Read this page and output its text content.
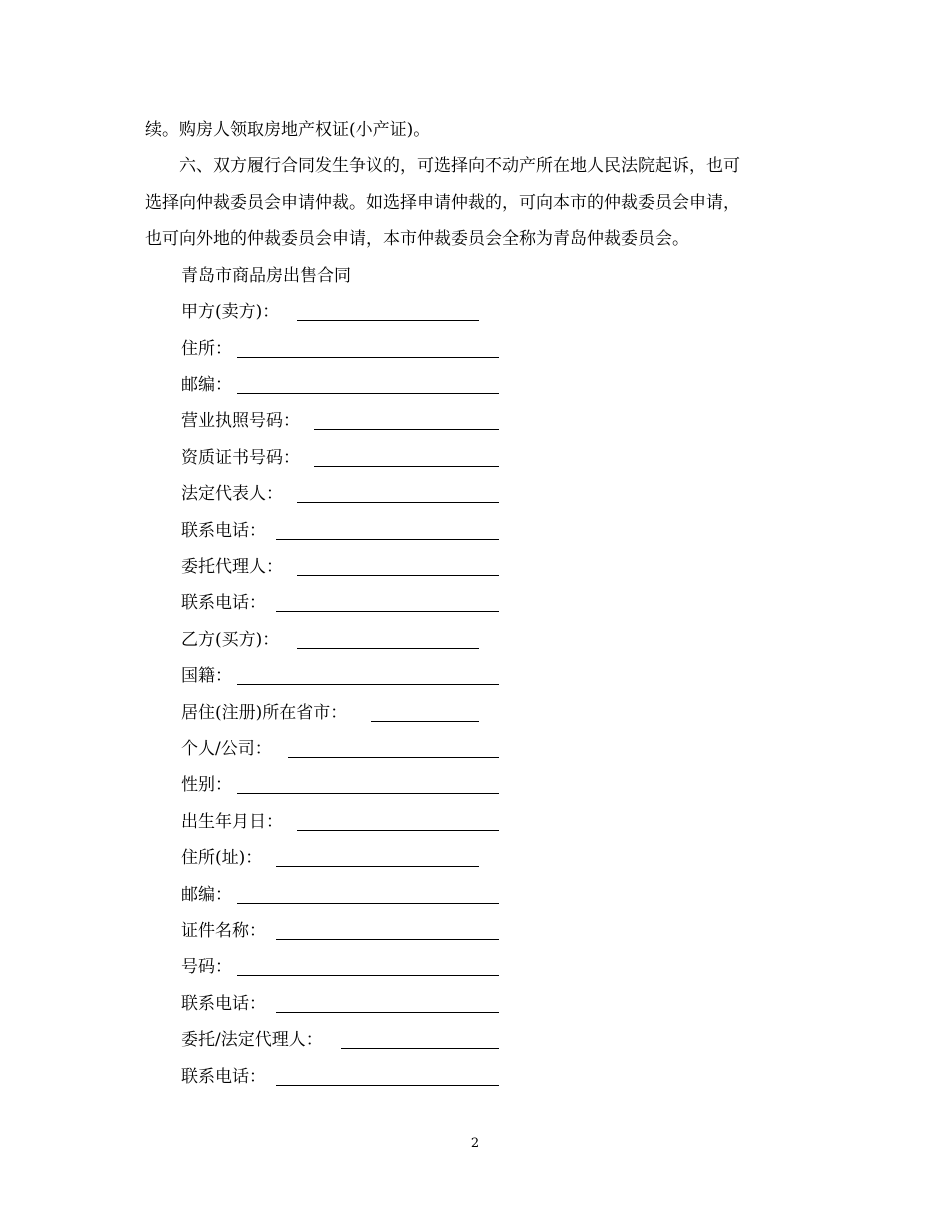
续。购房人领取房地产权证(小产证)。

六、双方履行合同发生争议的，可选择向不动产所在地人民法院起诉，也可

选择向仲裁委员会申请仲裁。如选择申请仲裁的，可向本市的仲裁委员会申请，

也可向外地的仲裁委员会申请，本市仲裁委员会全称为青岛仲裁委员会。

青岛市商品房出售合同
甲方(卖方)：
住所：
邮编：
营业执照号码：
资质证书号码：
法定代表人：
联系电话：
委托代理人：
联系电话：
乙方(买方)：
国籍：
居住(注册)所在省市：
个人/公司：
性别：
出生年月日：
住所(址)：
邮编：
证件名称：
号码：
联系电话：
委托/法定代理人：
联系电话：
2
